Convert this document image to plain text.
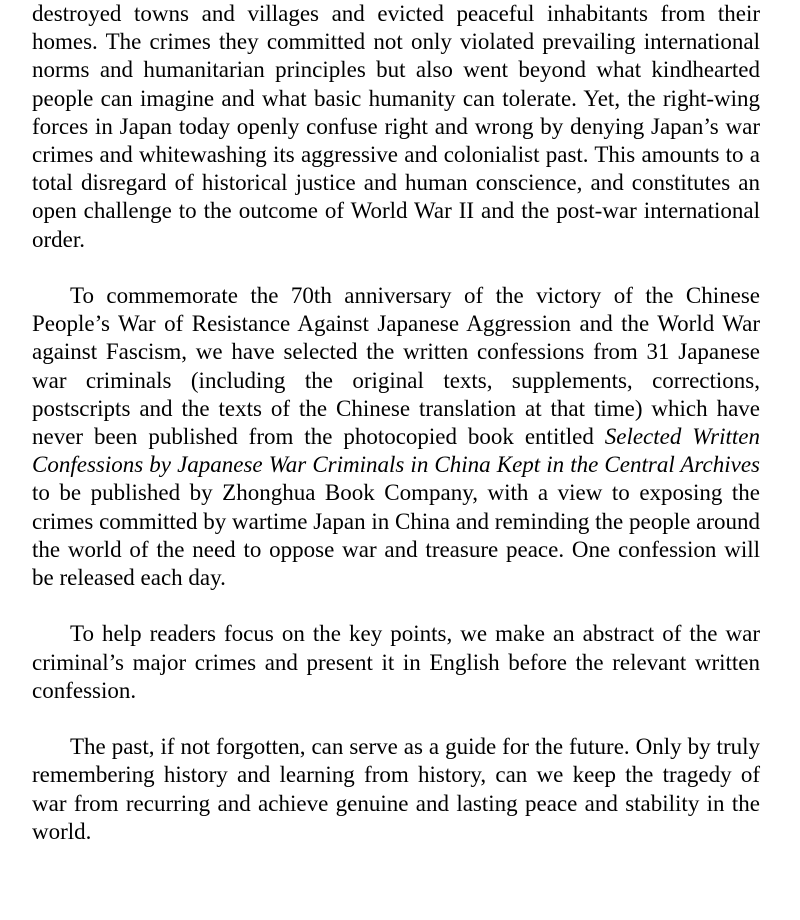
destroyed towns and villages and evicted peaceful inhabitants from their homes. The crimes they committed not only violated prevailing international norms and humanitarian principles but also went beyond what kindhearted people can imagine and what basic humanity can tolerate. Yet, the right-wing forces in Japan today openly confuse right and wrong by denying Japan’s war crimes and whitewashing its aggressive and colonialist past. This amounts to a total disregard of historical justice and human conscience, and constitutes an open challenge to the outcome of World War II and the post-war international order.

To commemorate the 70th anniversary of the victory of the Chinese People’s War of Resistance Against Japanese Aggression and the World War against Fascism, we have selected the written confessions from 31 Japanese war criminals (including the original texts, supplements, corrections, postscripts and the texts of the Chinese translation at that time) which have never been published from the photocopied book entitled Selected Written Confessions by Japanese War Criminals in China Kept in the Central Archives to be published by Zhonghua Book Company, with a view to exposing the crimes committed by wartime Japan in China and reminding the people around the world of the need to oppose war and treasure peace. One confession will be released each day.

To help readers focus on the key points, we make an abstract of the war criminal’s major crimes and present it in English before the relevant written confession.

The past, if not forgotten, can serve as a guide for the future. Only by truly remembering history and learning from history, can we keep the tragedy of war from recurring and achieve genuine and lasting peace and stability in the world.
